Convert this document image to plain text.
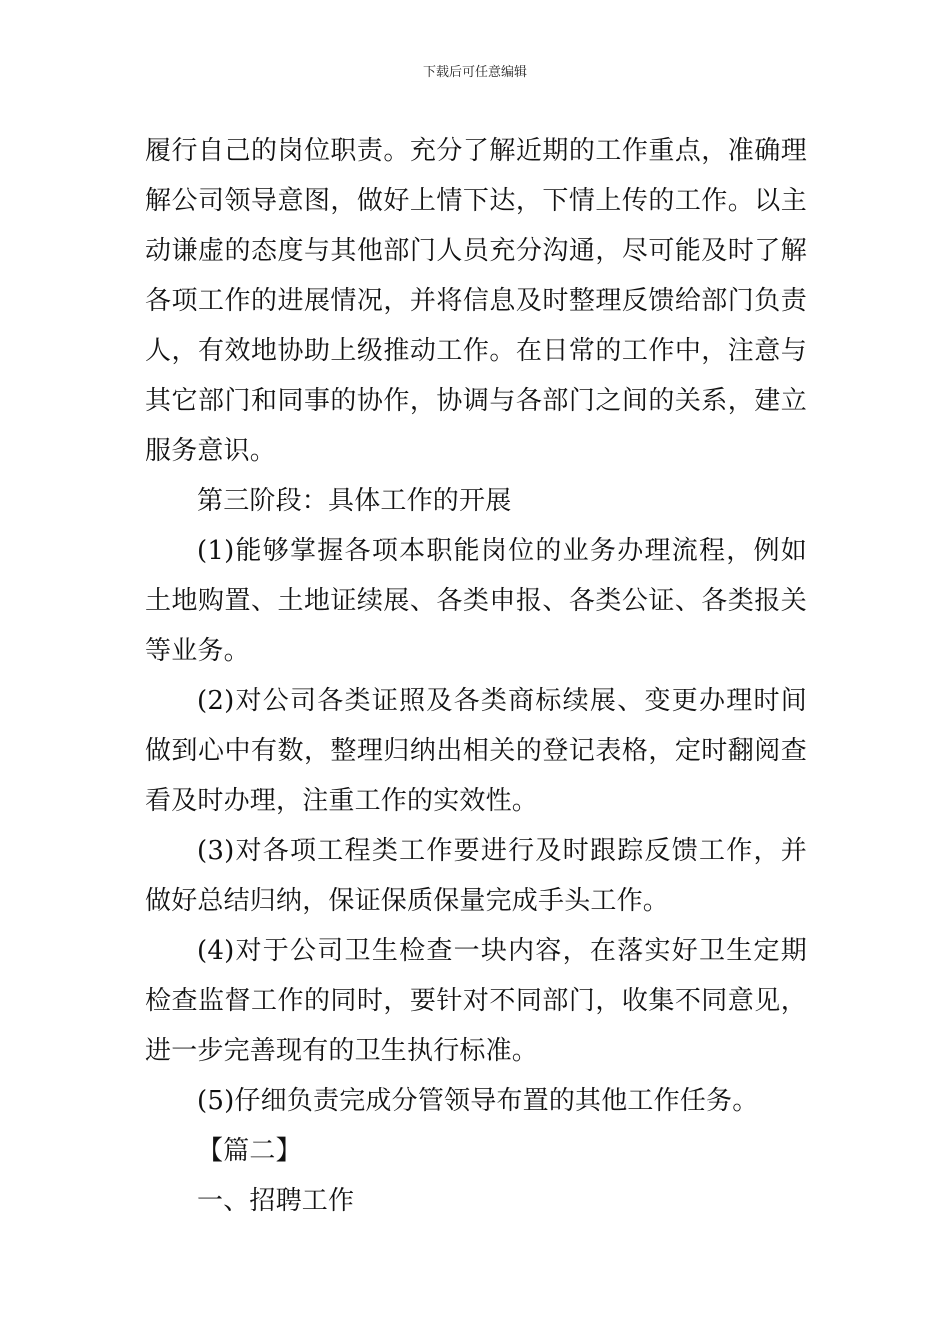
下载后可任意编辑

履行自己的岗位职责。充分了解近期的工作重点，准确理解公司领导意图，做好上情下达，下情上传的工作。以主动谦虚的态度与其他部门人员充分沟通，尽可能及时了解各项工作的进展情况，并将信息及时整理反馈给部门负责人，有效地协助上级推动工作。在日常的工作中，注意与其它部门和同事的协作，协调与各部门之间的关系，建立服务意识。

第三阶段：具体工作的开展

(1)能够掌握各项本职能岗位的业务办理流程，例如土地购置、土地证续展、各类申报、各类公证、各类报关等业务。

(2)对公司各类证照及各类商标续展、变更办理时间做到心中有数，整理归纳出相关的登记表格，定时翻阅查看及时办理，注重工作的实效性。

(3)对各项工程类工作要进行及时跟踪反馈工作，并做好总结归纳，保证保质保量完成手头工作。

(4)对于公司卫生检查一块内容，在落实好卫生定期检查监督工作的同时，要针对不同部门，收集不同意见，进一步完善现有的卫生执行标准。

(5)仔细负责完成分管领导布置的其他工作任务。

【篇二】

一、招聘工作
